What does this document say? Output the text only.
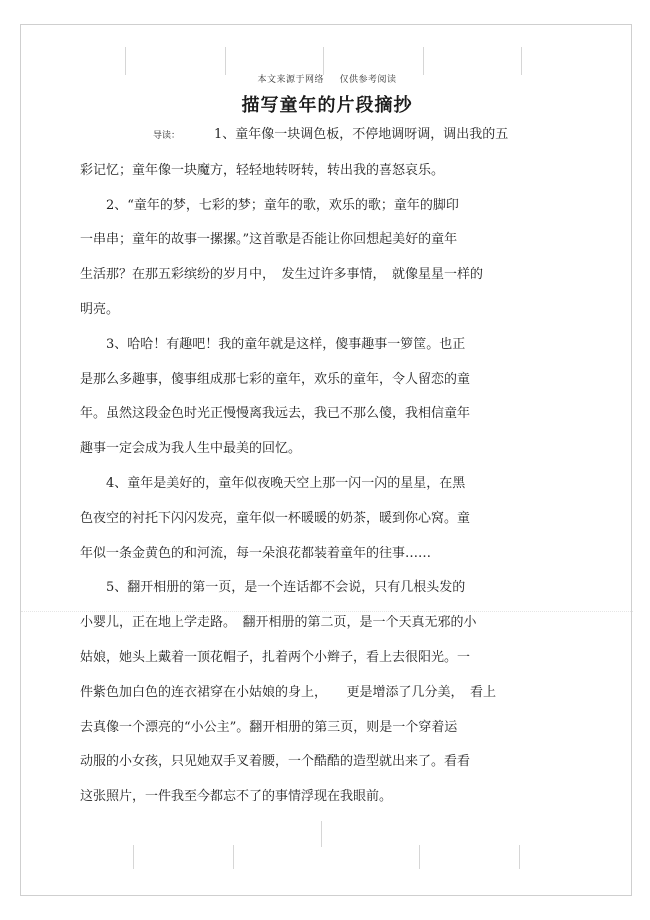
本文来源于网络 仅供参考阅读
描写童年的片段摘抄

导读：	1、童年像一块调色板，不停地调呀调，调出我的五

彩记忆；童年像一块魔方，轻轻地转呀转，转出我的喜怒哀乐。

2、“童年的梦，七彩的梦；童年的歌，欢乐的歌；童年的脚印

一串串；童年的故事一摞摞。”这首歌是否能让你回想起美好的童年

生活那？在那五彩缤纷的岁月中，　发生过许多事情，　就像星星一样的

明亮。

3、哈哈！有趣吧！我的童年就是这样，傻事趣事一箩筐。也正

是那么多趣事，傻事组成那七彩的童年，欢乐的童年，令人留恋的童

年。虽然这段金色时光正慢慢离我远去，我已不那么傻，我相信童年

趣事一定会成为我人生中最美的回忆。

4、童年是美好的，童年似夜晚天空上那一闪一闪的星星，在黑

色夜空的衬托下闪闪发亮，童年似一杯暖暖的奶茶，暖到你心窝。童

年似一条金黄色的和河流，每一朵浪花都装着童年的往事……

5、翻开相册的第一页，是一个连话都不会说，只有几根头发的

小婴儿，正在地上学走路。　翻开相册的第二页，是一个天真无邪的小

姑娘，她头上戴着一顶花帽子，扎着两个小辫子，看上去很阳光。一

件紫色加白色的连衣裙穿在小姑娘的身上，　　更是增添了几分美，　看上

去真像一个漂亮的“小公主”。翻开相册的第三页，则是一个穿着运

动服的小女孩，只见她双手叉着腰，一个酷酷的造型就出来了。看看

这张照片，一件我至今都忘不了的事情浮现在我眼前。
